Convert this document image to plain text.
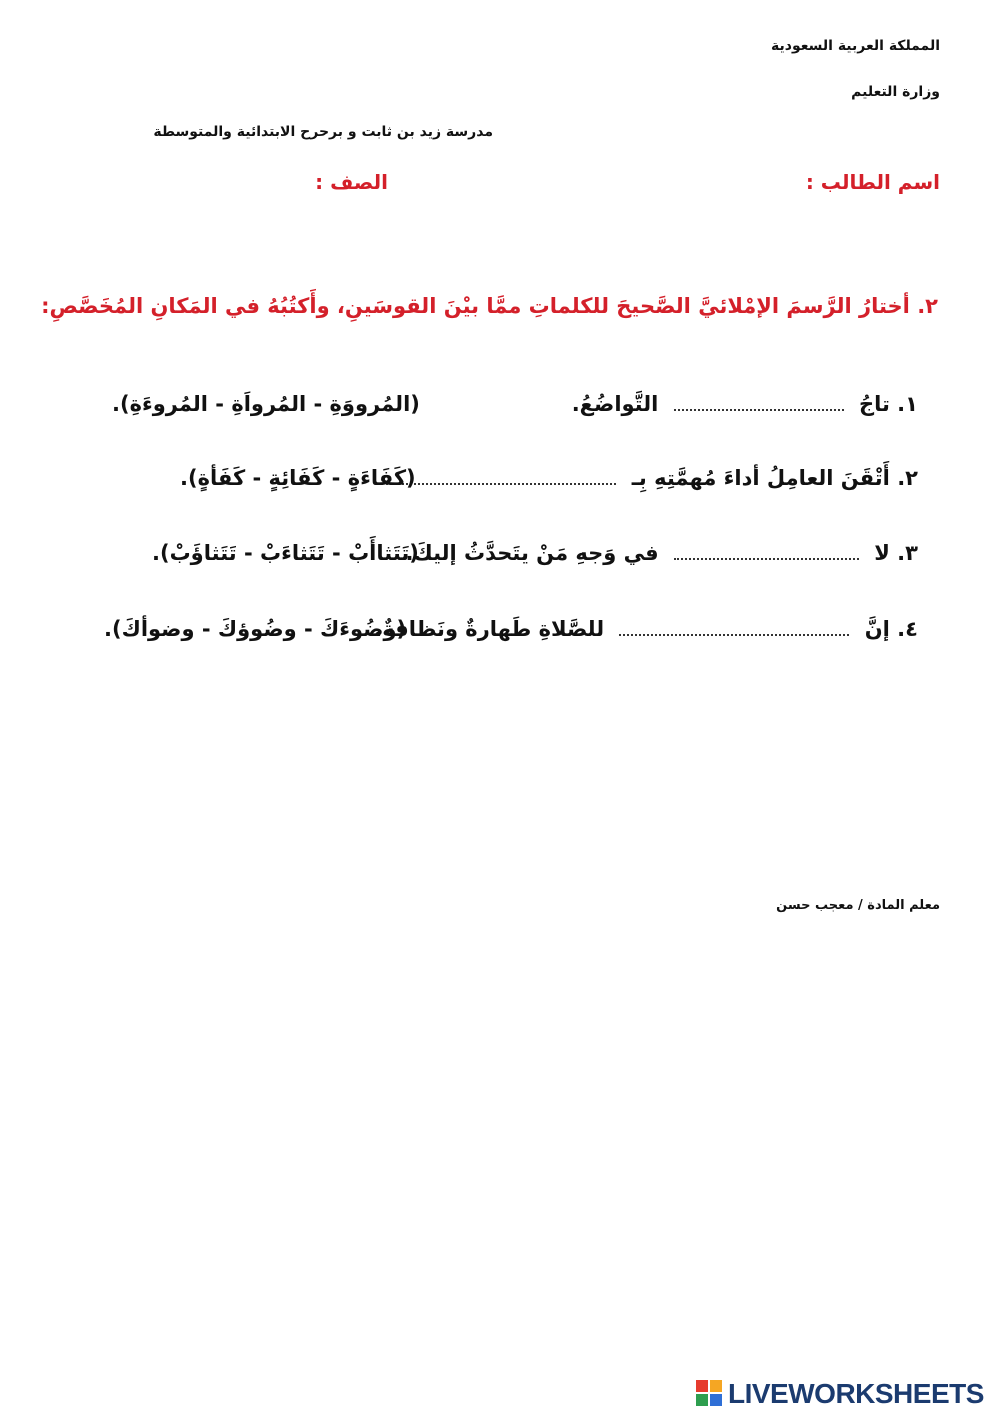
المملكة العربية السعودية
وزارة التعليم
مدرسة زيد بن ثابت و برحرح الابتدائية والمتوسطة
اسم الطالب :
الصف :
٢. أختارُ الرَّسمَ الإمْلائيَّ الصَّحيحَ للكلماتِ ممَّا بيْنَ القوسَينِ، وأَكتُبُهُ في المَكانِ المُخَصَّصِ:
١. تاجُ  التَّواضُعُ.
(المُرووَةِ - المُرواَةِ - المُروءَةِ).
٢. أَتْقَنَ العامِلُ أداءَ مُهمَّتِهِ بِـ
(كَفَاءَةٍ - كَفَائِةٍ - كَفَأةٍ).
٣. لا  في وَجهِ مَنْ يتَحدَّثُ إليكَ.
(تَتَثاأَبْ - تَتَثاءَبْ - تَتَثاؤَبْ).
٤. إنَّ  للصَّلاةِ طَهارةٌ ونَظافةٌ.
(وضُوءَكَ - وضُوؤكَ - وضوأكَ).
معلم المادة / معجب حسن
LIVEWORKSHEETS
